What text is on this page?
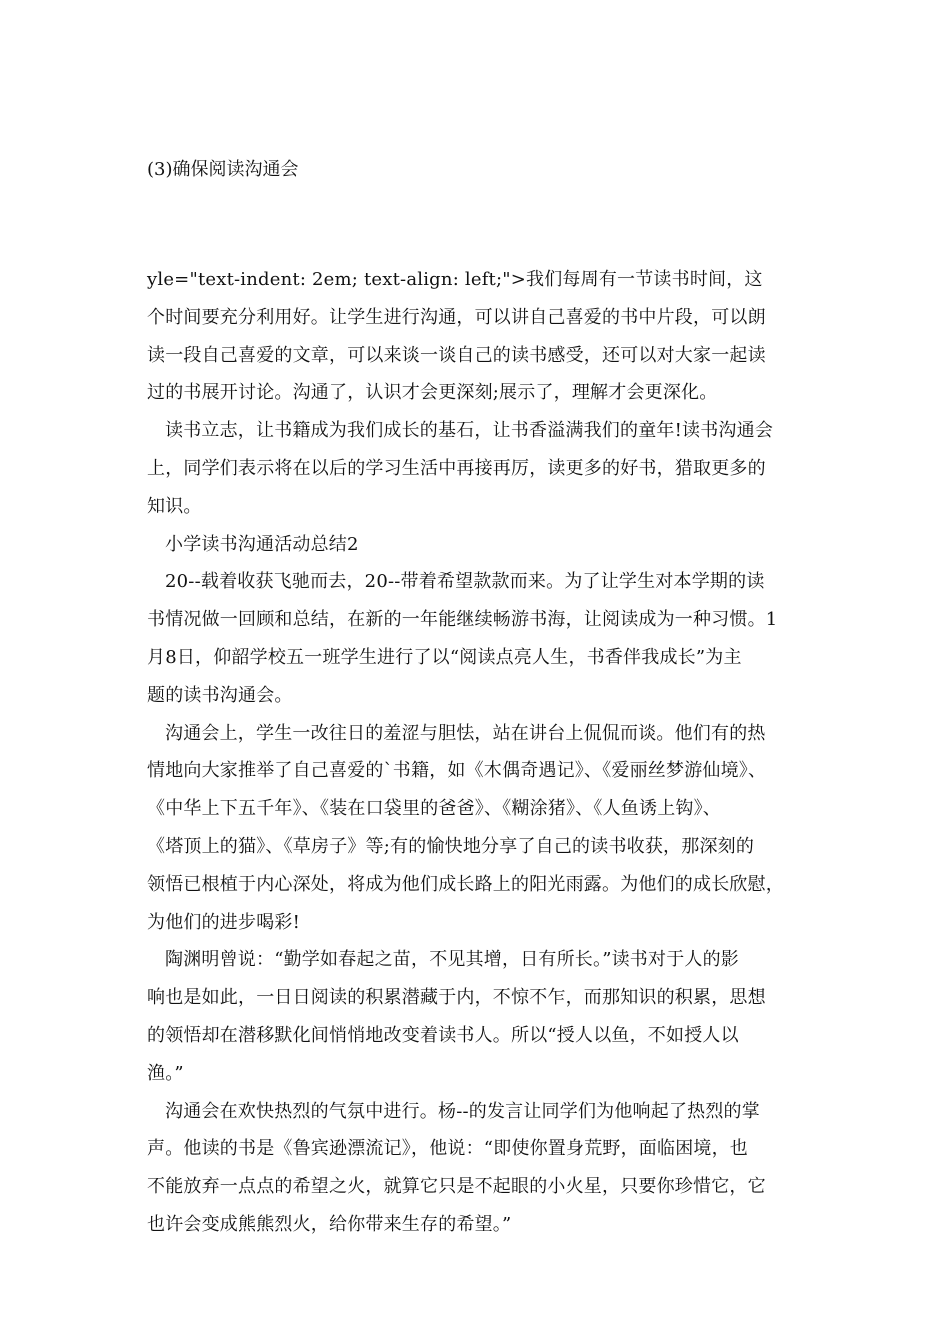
(3)确保阅读沟通会
yle="text-indent: 2em; text-align: left;">我们每周有一节读书时间，这
个时间要充分利用好。让学生进行沟通，可以讲自己喜爱的书中片段，可以朗
读一段自己喜爱的文章，可以来谈一谈自己的读书感受，还可以对大家一起读
过的书展开讨论。沟通了，认识才会更深刻;展示了，理解才会更深化。
读书立志，让书籍成为我们成长的基石，让书香溢满我们的童年!读书沟通会
上，同学们表示将在以后的学习生活中再接再厉，读更多的好书，猎取更多的
知识。
小学读书沟通活动总结2
20--载着收获飞驰而去，20--带着希望款款而来。为了让学生对本学期的读
书情况做一回顾和总结，在新的一年能继续畅游书海，让阅读成为一种习惯。1
月8日，仰韶学校五一班学生进行了以“阅读点亮人生，书香伴我成长”为主
题的读书沟通会。
沟通会上，学生一改往日的羞涩与胆怯，站在讲台上侃侃而谈。他们有的热
情地向大家推举了自己喜爱的`书籍，如《木偶奇遇记》、《爱丽丝梦游仙境》、
《中华上下五千年》、《装在口袋里的爸爸》、《糊涂猪》、《人鱼诱上钩》、
《塔顶上的猫》、《草房子》等;有的愉快地分享了自己的读书收获，那深刻的
领悟已根植于内心深处，将成为他们成长路上的阳光雨露。为他们的成长欣慰，
为他们的进步喝彩!
陶渊明曾说：“勤学如春起之苗，不见其增，日有所长。”读书对于人的影
响也是如此，一日日阅读的积累潜藏于内，不惊不乍，而那知识的积累，思想
的领悟却在潜移默化间悄悄地改变着读书人。所以“授人以鱼，不如授人以
渔。”
沟通会在欢快热烈的气氛中进行。杨--的发言让同学们为他响起了热烈的掌
声。他读的书是《鲁宾逊漂流记》，他说：“即使你置身荒野，面临困境，也
不能放弃一点点的希望之火，就算它只是不起眼的小火星，只要你珍惜它，它
也许会变成熊熊烈火，给你带来生存的希望。”
